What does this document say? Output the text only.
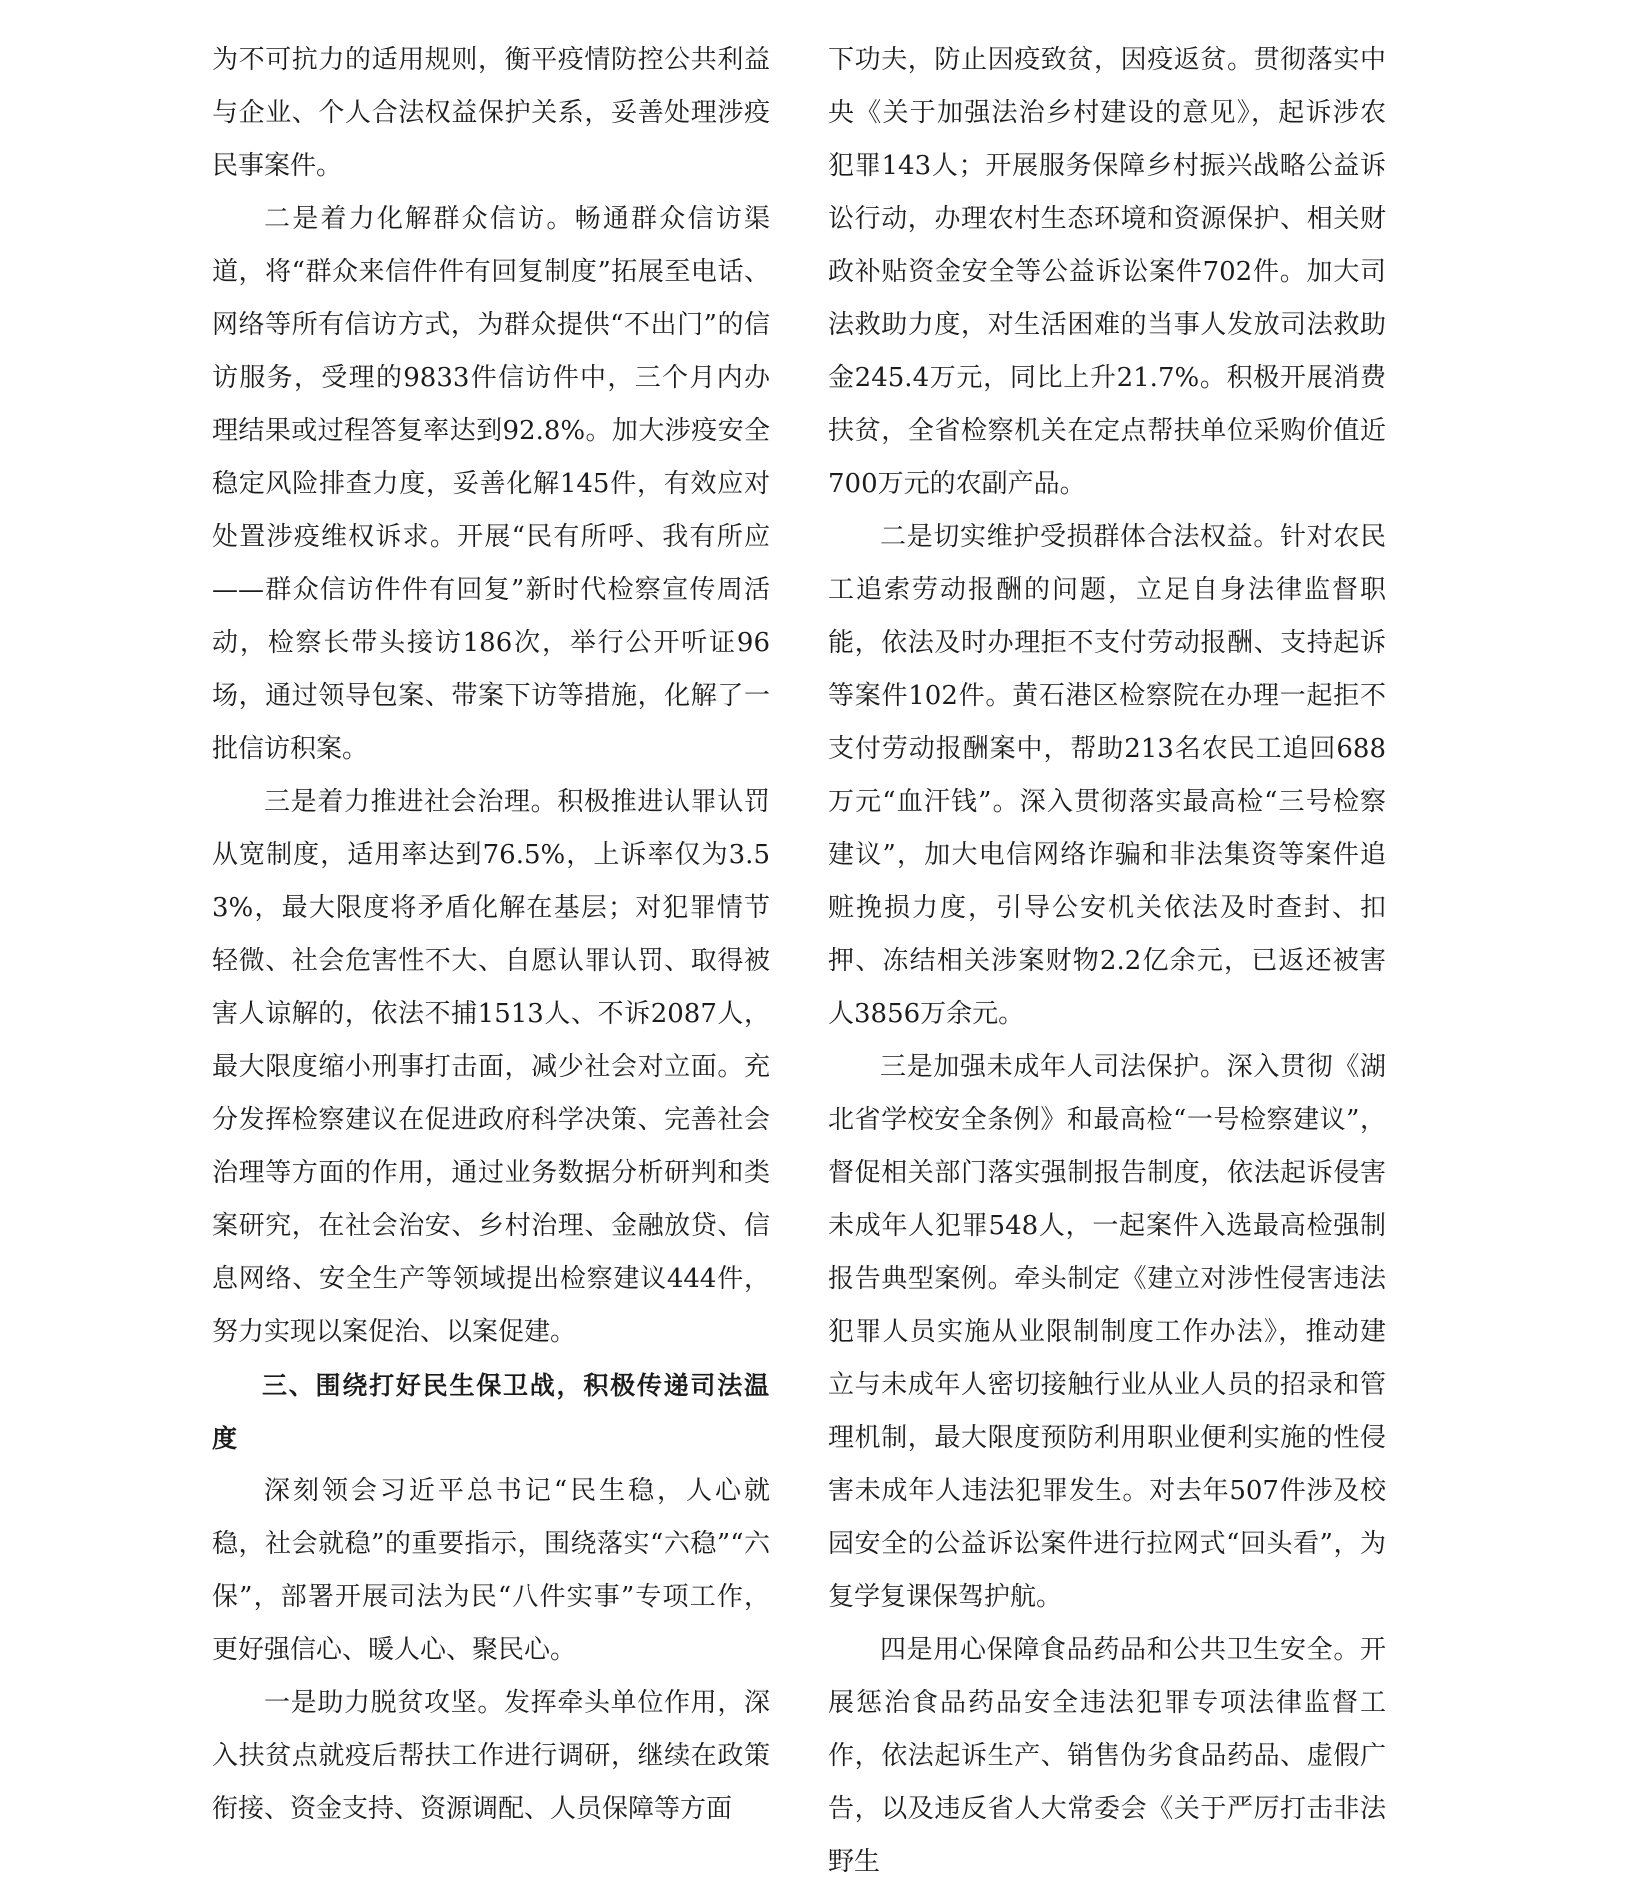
为不可抗力的适用规则，衡平疫情防控公共利益与企业、个人合法权益保护关系，妥善处理涉疫民事案件。

二是着力化解群众信访。畅通群众信访渠道，将“群众来信件件有回复制度”拓展至电话、网络等所有信访方式，为群众提供“不出门”的信访服务，受理的9833件信访件中，三个月内办理结果或过程答复率达到92.8%。加大涉疫安全稳定风险排查力度，妥善化解145件，有效应对处置涉疫维权诉求。开展“民有所呼、我有所应——群众信访件件有回复”新时代检察宣传周活动，检察长带头接访186次，举行公开听证96场，通过领导包案、带案下访等措施，化解了一批信访积案。

三是着力推进社会治理。积极推进认罪认罚从宽制度，适用率达到76.5%，上诉率仅为3.53%，最大限度将矛盾化解在基层；对犯罪情节轻微、社会危害性不大、自愿认罪认罚、取得被害人谅解的，依法不捕1513人、不诉2087人，最大限度缩小刑事打击面，减少社会对立面。充分发挥检察建议在促进政府科学决策、完善社会治理等方面的作用，通过业务数据分析研判和类案研究，在社会治安、乡村治理、金融放贷、信息网络、安全生产等领域提出检察建议444件，努力实现以案促治、以案促建。

三、围绕打好民生保卫战，积极传递司法温度

深刻领会习近平总书记“民生稳，人心就稳，社会就稳”的重要指示，围绕落实“六稳”“六保”，部署开展司法为民“八件实事”专项工作，更好强信心、暖人心、聚民心。

一是助力脱贫攻坚。发挥牵头单位作用，深入扶贫点就疫后帮扶工作进行调研，继续在政策衔接、资金支持、资源调配、人员保障等方面

下功夫，防止因疫致贫，因疫返贫。贯彻落实中央《关于加强法治乡村建设的意见》，起诉涉农犯罪143人；开展服务保障乡村振兴战略公益诉讼行动，办理农村生态环境和资源保护、相关财政补贴资金安全等公益诉讼案件702件。加大司法救助力度，对生活困难的当事人发放司法救助金245.4万元，同比上升21.7%。积极开展消费扶贫，全省检察机关在定点帮扶单位采购价值近700万元的农副产品。

二是切实维护受损群体合法权益。针对农民工追索劳动报酬的问题，立足自身法律监督职能，依法及时办理拒不支付劳动报酬、支持起诉等案件102件。黄石港区检察院在办理一起拒不支付劳动报酬案中，帮助213名农民工追回688万元“血汗钱”。深入贯彻落实最高检“三号检察建议”，加大电信网络诈骗和非法集资等案件追赃挽损力度，引导公安机关依法及时查封、扣押、冻结相关涉案财物2.2亿余元，已返还被害人3856万余元。

三是加强未成年人司法保护。深入贯彻《湖北省学校安全条例》和最高检“一号检察建议”，督促相关部门落实强制报告制度，依法起诉侵害未成年人犯罪548人，一起案件入选最高检强制报告典型案例。牵头制定《建立对涉性侵害违法犯罪人员实施从业限制制度工作办法》，推动建立与未成年人密切接触行业从业人员的招录和管理机制，最大限度预防利用职业便利实施的性侵害未成年人违法犯罪发生。对去年507件涉及校园安全的公益诉讼案件进行拉网式“回头看”，为复学复课保驾护航。

四是用心保障食品药品和公共卫生安全。开展惩治食品药品安全违法犯罪专项法律监督工作，依法起诉生产、销售伪劣食品药品、虚假广告，以及违反省人大常委会《关于严厉打击非法野生
